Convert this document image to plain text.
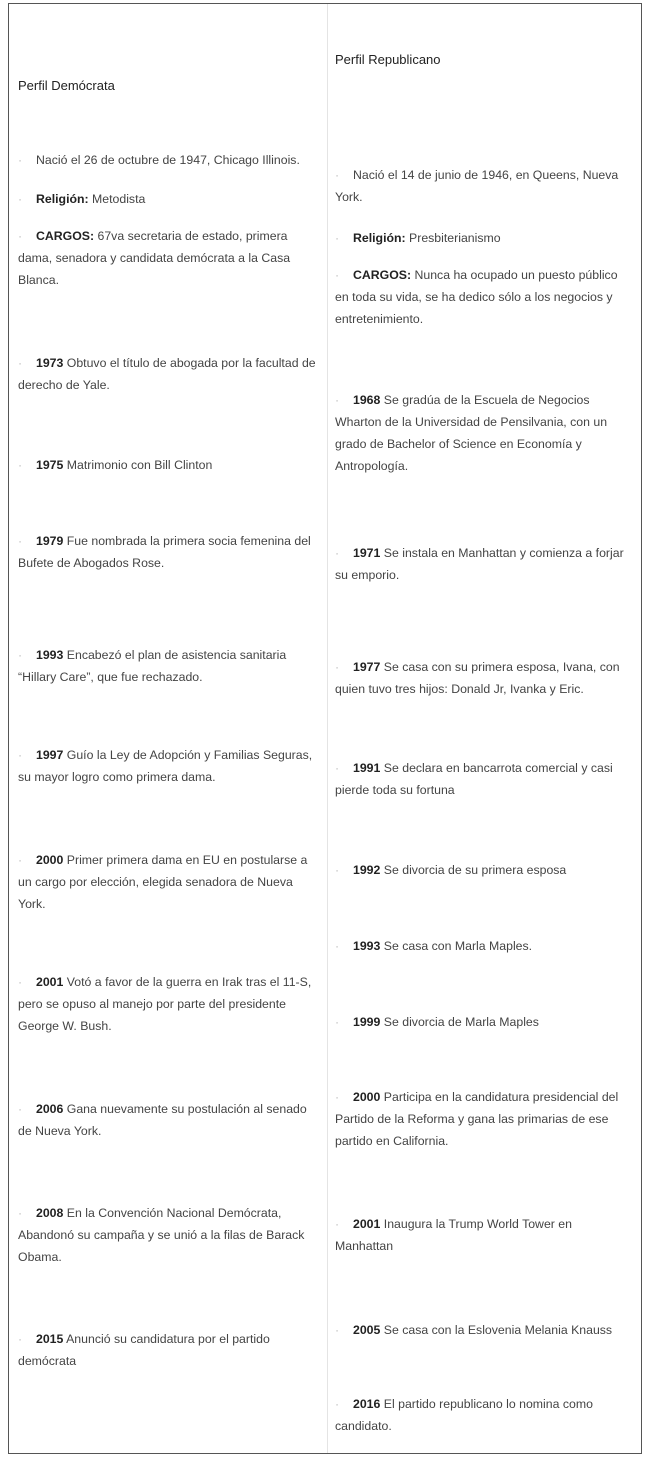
Perfil Demócrata
· Nació el 26 de octubre de 1947, Chicago Illinois.
· Religión: Metodista
· CARGOS: 67va secretaria de estado, primera dama, senadora y candidata demócrata a la Casa Blanca.
· 1973 Obtuvo el título de abogada por la facultad de derecho de Yale.
· 1975 Matrimonio con Bill Clinton
· 1979 Fue nombrada la primera socia femenina del Bufete de Abogados Rose.
· 1993 Encabezó el plan de asistencia sanitaria “Hillary Care”, que fue rechazado.
· 1997 Guío la Ley de Adopción y Familias Seguras, su mayor logro como primera dama.
· 2000 Primer primera dama en EU en postularse a un cargo por elección, elegida senadora de Nueva York.
· 2001 Votó a favor de la guerra en Irak tras el 11-S, pero se opuso al manejo por parte del presidente George W. Bush.
· 2006 Gana nuevamente su postulación al senado de Nueva York.
· 2008 En la Convención Nacional Demócrata, Abandonó su campaña y se unió a la filas de Barack Obama.
· 2015 Anunció su candidatura por el partido demócrata
Perfil Republicano
· Nació el 14 de junio de 1946, en Queens, Nueva York.
· Religión: Presbiterianismo
· CARGOS: Nunca ha ocupado un puesto público en toda su vida, se ha dedico sólo a los negocios y entretenimiento.
· 1968 Se gradúa de la Escuela de Negocios Wharton de la Universidad de Pensilvania, con un grado de Bachelor of Science en Economía y Antropología.
· 1971 Se instala en Manhattan y comienza a forjar su emporio.
· 1977 Se casa con su primera esposa, Ivana, con quien tuvo tres hijos: Donald Jr, Ivanka y Eric.
· 1991 Se declara en bancarrota comercial y casi pierde toda su fortuna
· 1992 Se divorcia de su primera esposa
· 1993 Se casa con Marla Maples.
· 1999 Se divorcia de Marla Maples
· 2000 Participa en la candidatura presidencial del Partido de la Reforma y gana las primarias de ese partido en California.
· 2001 Inaugura la Trump World Tower en Manhattan
· 2005 Se casa con la Eslovenia Melania Knauss
· 2016 El partido republicano lo nomina como candidato.
